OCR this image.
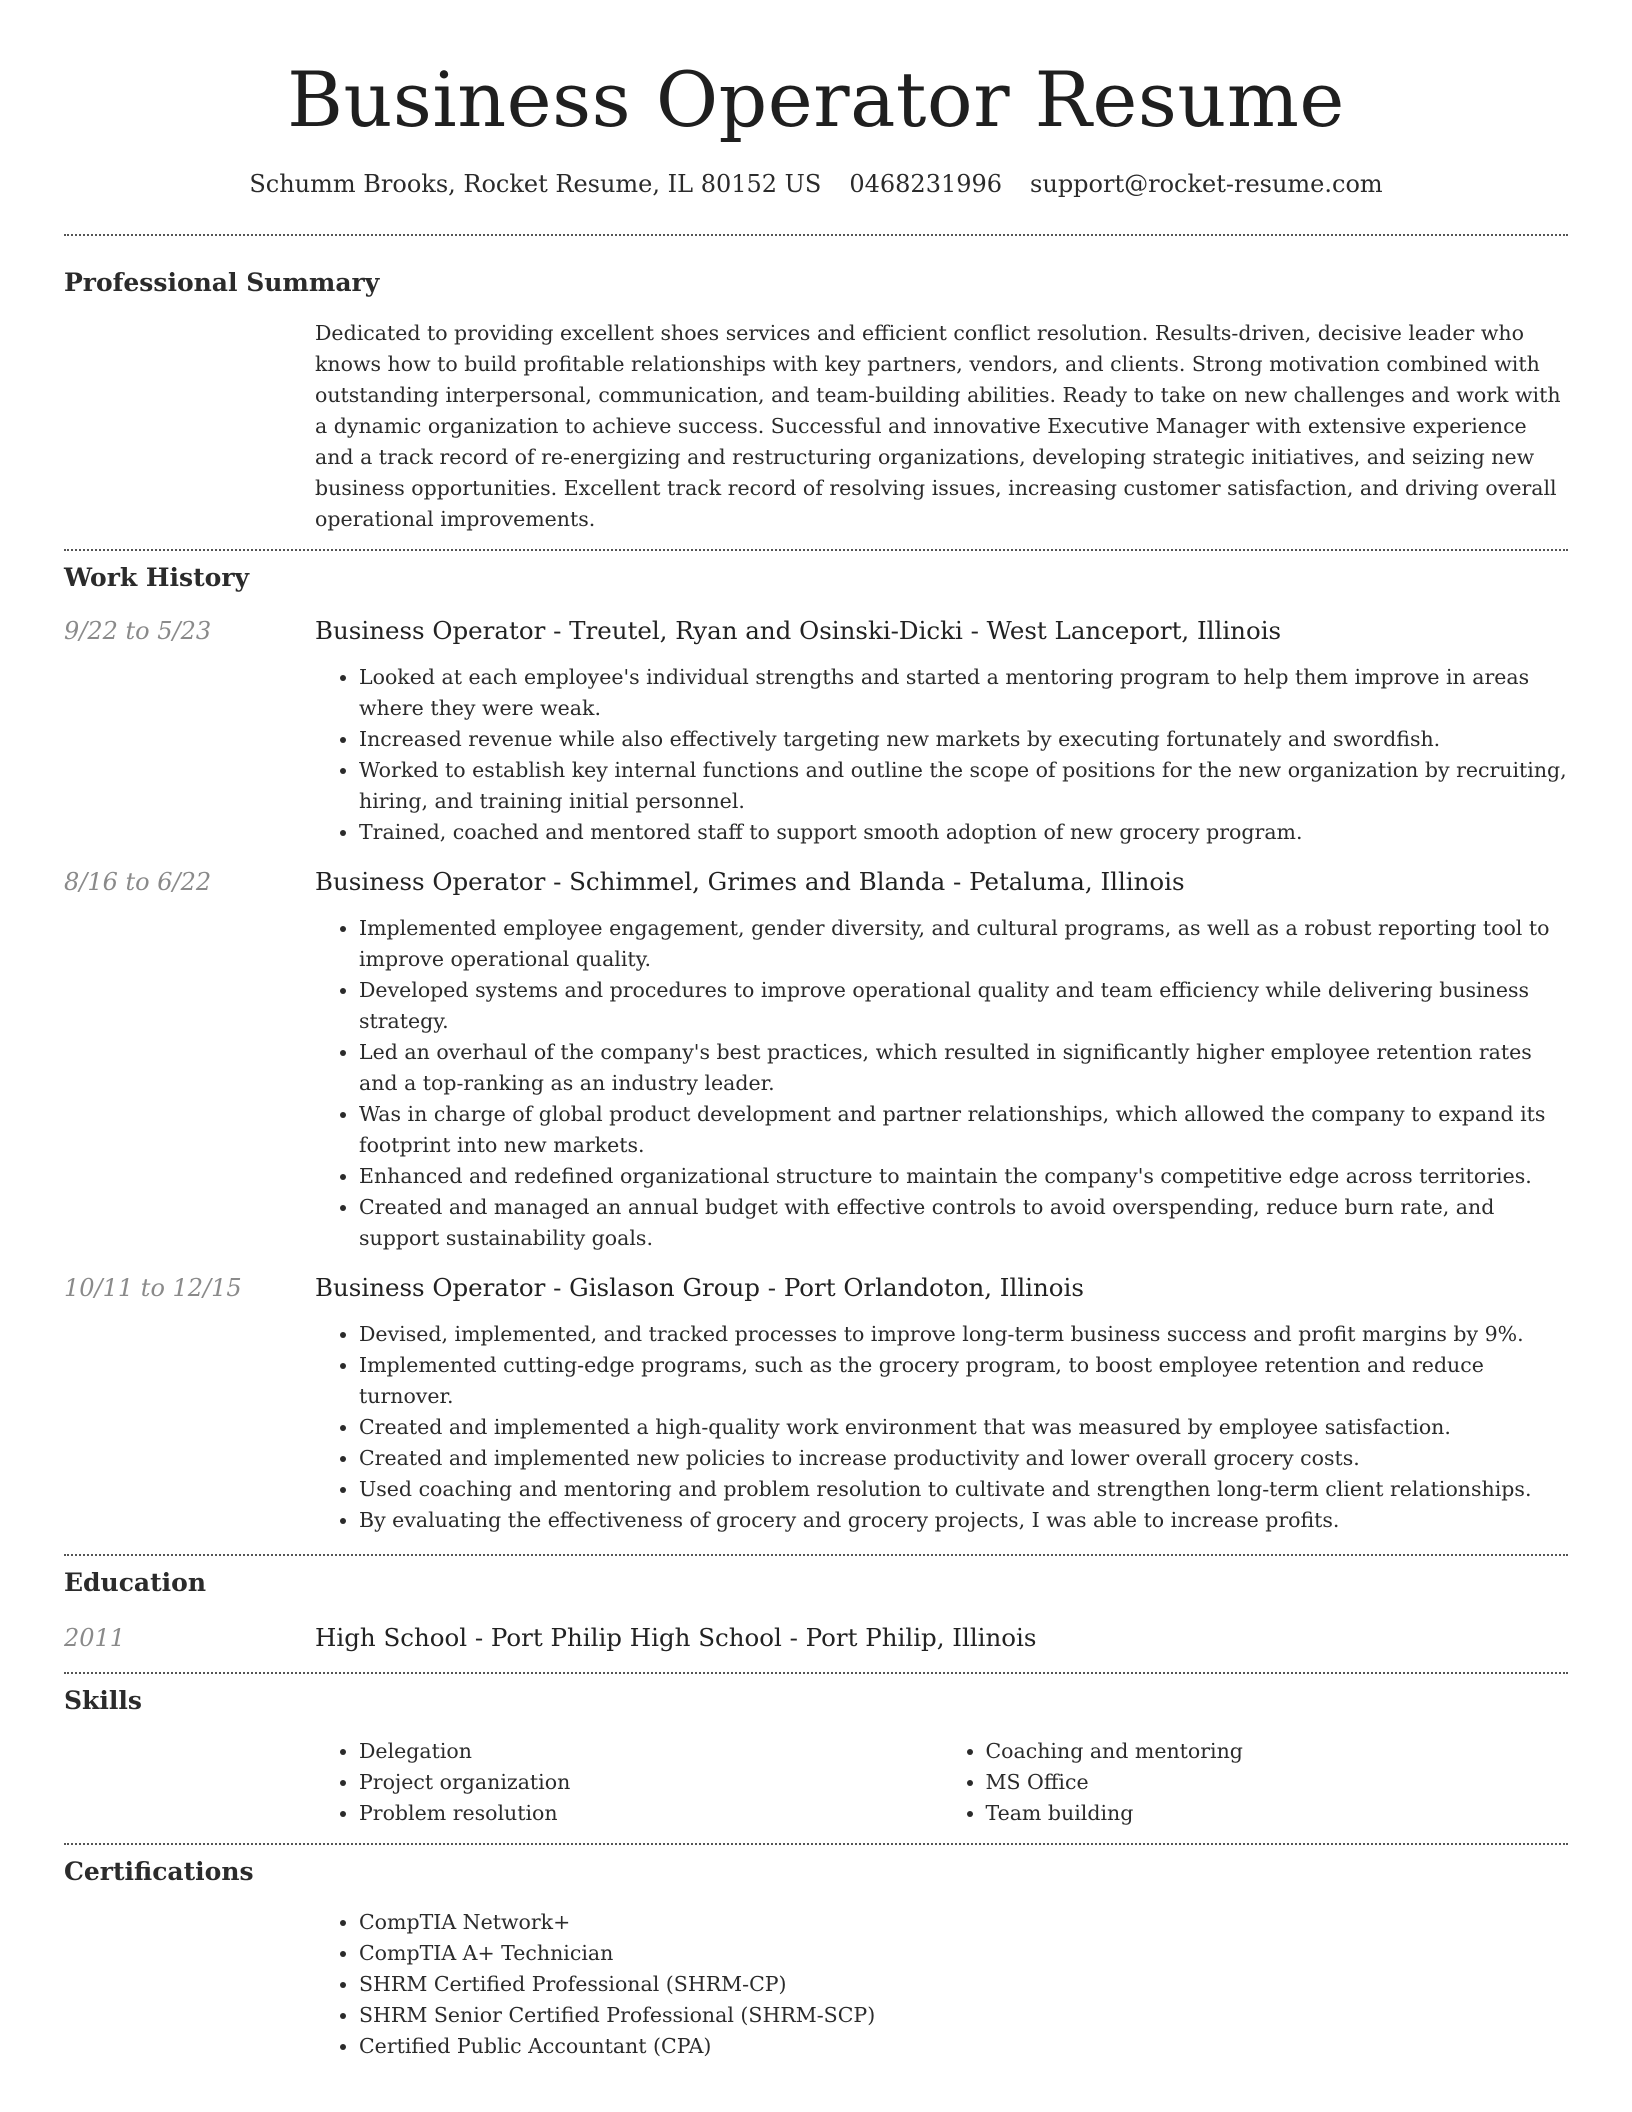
Business Operator Resume
Schumm Brooks, Rocket Resume, IL 80152 US 0468231996 support@rocket-resume.com
Professional Summary
Dedicated to providing excellent shoes services and efficient conflict resolution. Results-driven, decisive leader who knows how to build profitable relationships with key partners, vendors, and clients. Strong motivation combined with outstanding interpersonal, communication, and team-building abilities. Ready to take on new challenges and work with a dynamic organization to achieve success. Successful and innovative Executive Manager with extensive experience and a track record of re-energizing and restructuring organizations, developing strategic initiatives, and seizing new business opportunities. Excellent track record of resolving issues, increasing customer satisfaction, and driving overall operational improvements.
Work History
9/22 to 5/23	Business Operator - Treutel, Ryan and Osinski-Dicki - West Lanceport, Illinois
• Looked at each employee's individual strengths and started a mentoring program to help them improve in areas where they were weak.
• Increased revenue while also effectively targeting new markets by executing fortunately and swordfish.
• Worked to establish key internal functions and outline the scope of positions for the new organization by recruiting, hiring, and training initial personnel.
• Trained, coached and mentored staff to support smooth adoption of new grocery program.
8/16 to 6/22	Business Operator - Schimmel, Grimes and Blanda - Petaluma, Illinois
• Implemented employee engagement, gender diversity, and cultural programs, as well as a robust reporting tool to improve operational quality.
• Developed systems and procedures to improve operational quality and team efficiency while delivering business strategy.
• Led an overhaul of the company's best practices, which resulted in significantly higher employee retention rates and a top-ranking as an industry leader.
• Was in charge of global product development and partner relationships, which allowed the company to expand its footprint into new markets.
• Enhanced and redefined organizational structure to maintain the company's competitive edge across territories.
• Created and managed an annual budget with effective controls to avoid overspending, reduce burn rate, and support sustainability goals.
10/11 to 12/15	Business Operator - Gislason Group - Port Orlandoton, Illinois
• Devised, implemented, and tracked processes to improve long-term business success and profit margins by 9%.
• Implemented cutting-edge programs, such as the grocery program, to boost employee retention and reduce turnover.
• Created and implemented a high-quality work environment that was measured by employee satisfaction.
• Created and implemented new policies to increase productivity and lower overall grocery costs.
• Used coaching and mentoring and problem resolution to cultivate and strengthen long-term client relationships.
• By evaluating the effectiveness of grocery and grocery projects, I was able to increase profits.
Education
2011	High School - Port Philip High School - Port Philip, Illinois
Skills
• Delegation
• Project organization
• Problem resolution
• Coaching and mentoring
• MS Office
• Team building
Certifications
• CompTIA Network+
• CompTIA A+ Technician
• SHRM Certified Professional (SHRM-CP)
• SHRM Senior Certified Professional (SHRM-SCP)
• Certified Public Accountant (CPA)
